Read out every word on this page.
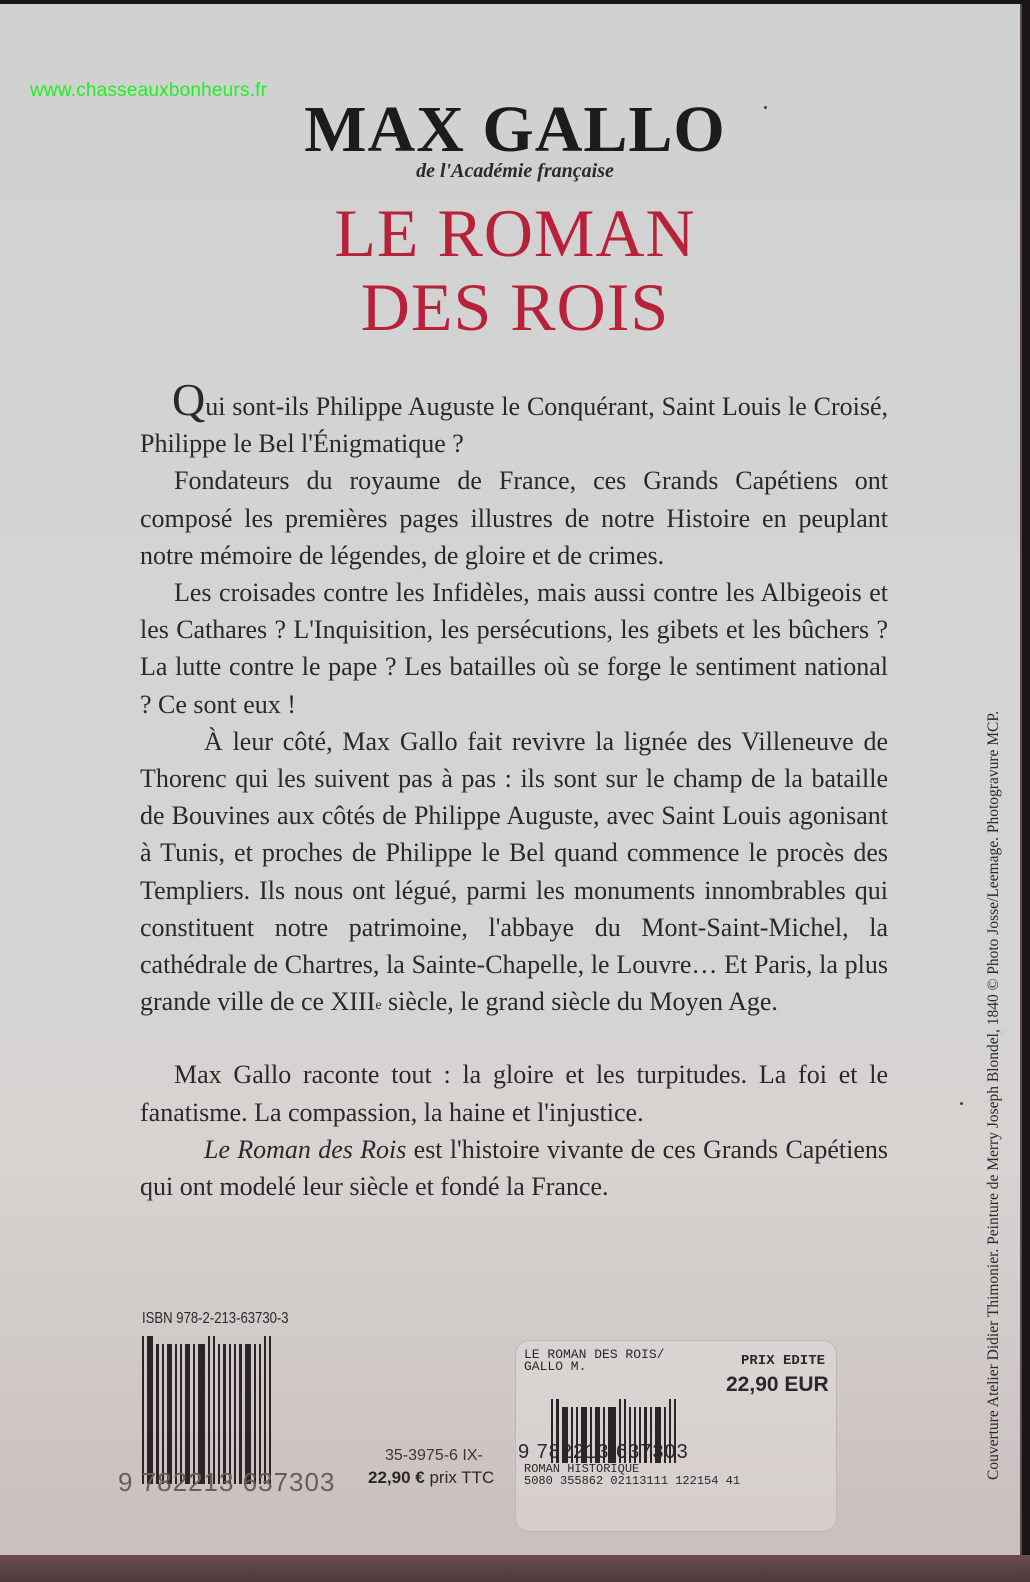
www.chasseauxbonheurs.fr
MAX GALLO
de l'Académie française
LE ROMAN
DES ROIS

Qui sont-ils Philippe Auguste le Conquérant, Saint Louis le Croisé, Philippe le Bel l'Énigmatique ?

Fondateurs du royaume de France, ces Grands Capétiens ont composé les premières pages illustres de notre Histoire en peuplant notre mémoire de légendes, de gloire et de crimes.

Les croisades contre les Infidèles, mais aussi contre les Albigeois et les Cathares ? L'Inquisition, les persécutions, les gibets et les bûchers ? La lutte contre le pape ? Les batailles où se forge le sentiment national ? Ce sont eux !

À leur côté, Max Gallo fait revivre la lignée des Villeneuve de Thorenc qui les suivent pas à pas : ils sont sur le champ de la bataille de Bouvines aux côtés de Philippe Auguste, avec Saint Louis agonisant à Tunis, et proches de Philippe le Bel quand commence le procès des Templiers. Ils nous ont légué, parmi les monuments innombrables qui constituent notre patrimoine, l'abbaye du Mont-Saint-Michel, la cathédrale de Chartres, la Sainte-Chapelle, le Louvre… Et Paris, la plus grande ville de ce XIIIe siècle, le grand siècle du Moyen Age.

Max Gallo raconte tout : la gloire et les turpitudes. La foi et le fanatisme. La compassion, la haine et l'injustice.

Le Roman des Rois est l'histoire vivante de ces Grands Capétiens qui ont modelé leur siècle et fondé la France.	Couverture Atelier Didier Thimonier. Peinture de Merry Joseph Blondel, 1840 © Photo Josse/Leemage. Photogravure MCP.
ISBN 978-2-213-63730-3
9 782213 637303
35-3975-6 IX-
22,90 € prix TTC
LE ROMAN DES ROIS/
GALLO M.	PRIX EDITE
22,90 EUR
9 782213 637303
ROMAN HISTORIQUE
5080 355862 02113111 122154 41
